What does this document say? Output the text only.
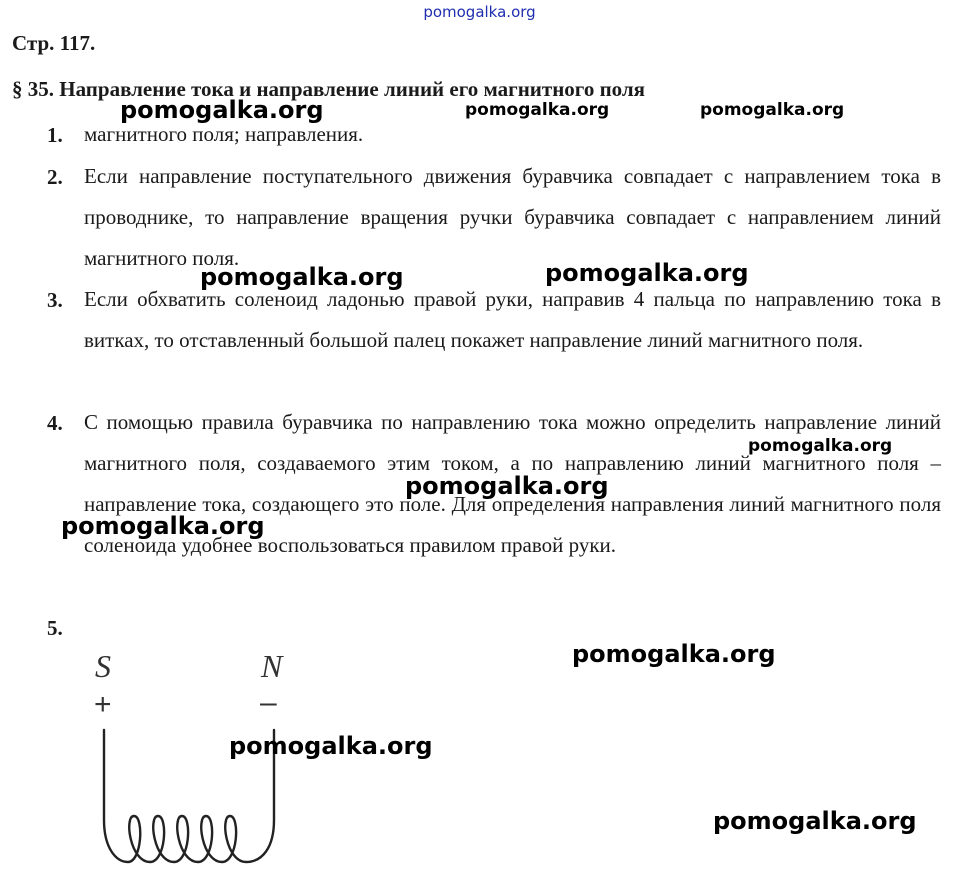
pomogalka.org
Стр. 117.
§ 35. Направление тока и направление линий его магнитного поля
1. магнитного поля; направления.
2. Если направление поступательного движения буравчика совпадает с направлением тока в проводнике, то направление вращения ручки буравчика совпадает с направлением линий магнитного поля.
3. Если обхватить соленоид ладонью правой руки, направив 4 пальца по направлению тока в витках, то отставленный большой палец покажет направление линий магнитного поля.
4. С помощью правила буравчика по направлению тока можно определить направление линий магнитного поля, создаваемого этим током, а по направлению линий магнитного поля – направление тока, создающего это поле. Для определения направления линий магнитного поля соленоида удобнее воспользоваться правилом правой руки.
5.
S	N
+	–
pomogalka.org	pomogalka.org	pomogalka.org
pomogalka.org	pomogalka.org
pomogalka.org
pomogalka.org
pomogalka.org
pomogalka.org
pomogalka.org
pomogalka.org
